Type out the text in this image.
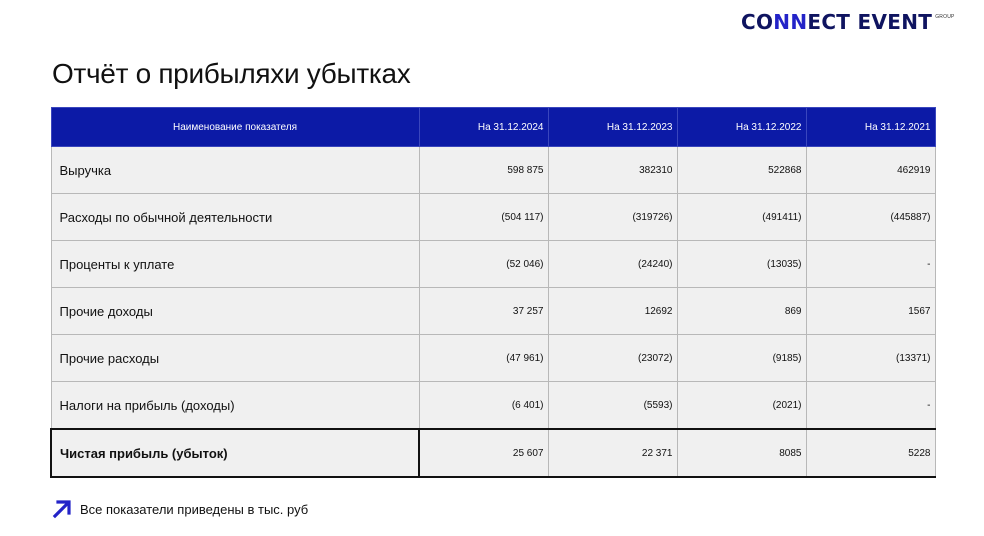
CO NN ECT EVENT GROUP
Отчёт о прибыляхи убытках
Наименование показателя	На 31.12.2024	На 31.12.2023	На 31.12.2022	На 31.12.2021
Выручка	598 875	382310	522868	462919
Расходы по обычной деятельности	(504 117)	(319726)	(491411)	(445887)
Проценты к уплате	(52 046)	(24240)	(13035)	-
Прочие доходы	37 257	12692	869	1567
Прочие расходы	(47 961)	(23072)	(9185)	(13371)
Налоги на прибыль (доходы)	(6 401)	(5593)	(2021)	-
Чистая прибыль (убыток)	25 607	22 371	8085	5228
Все показатели приведены в тыс. руб
